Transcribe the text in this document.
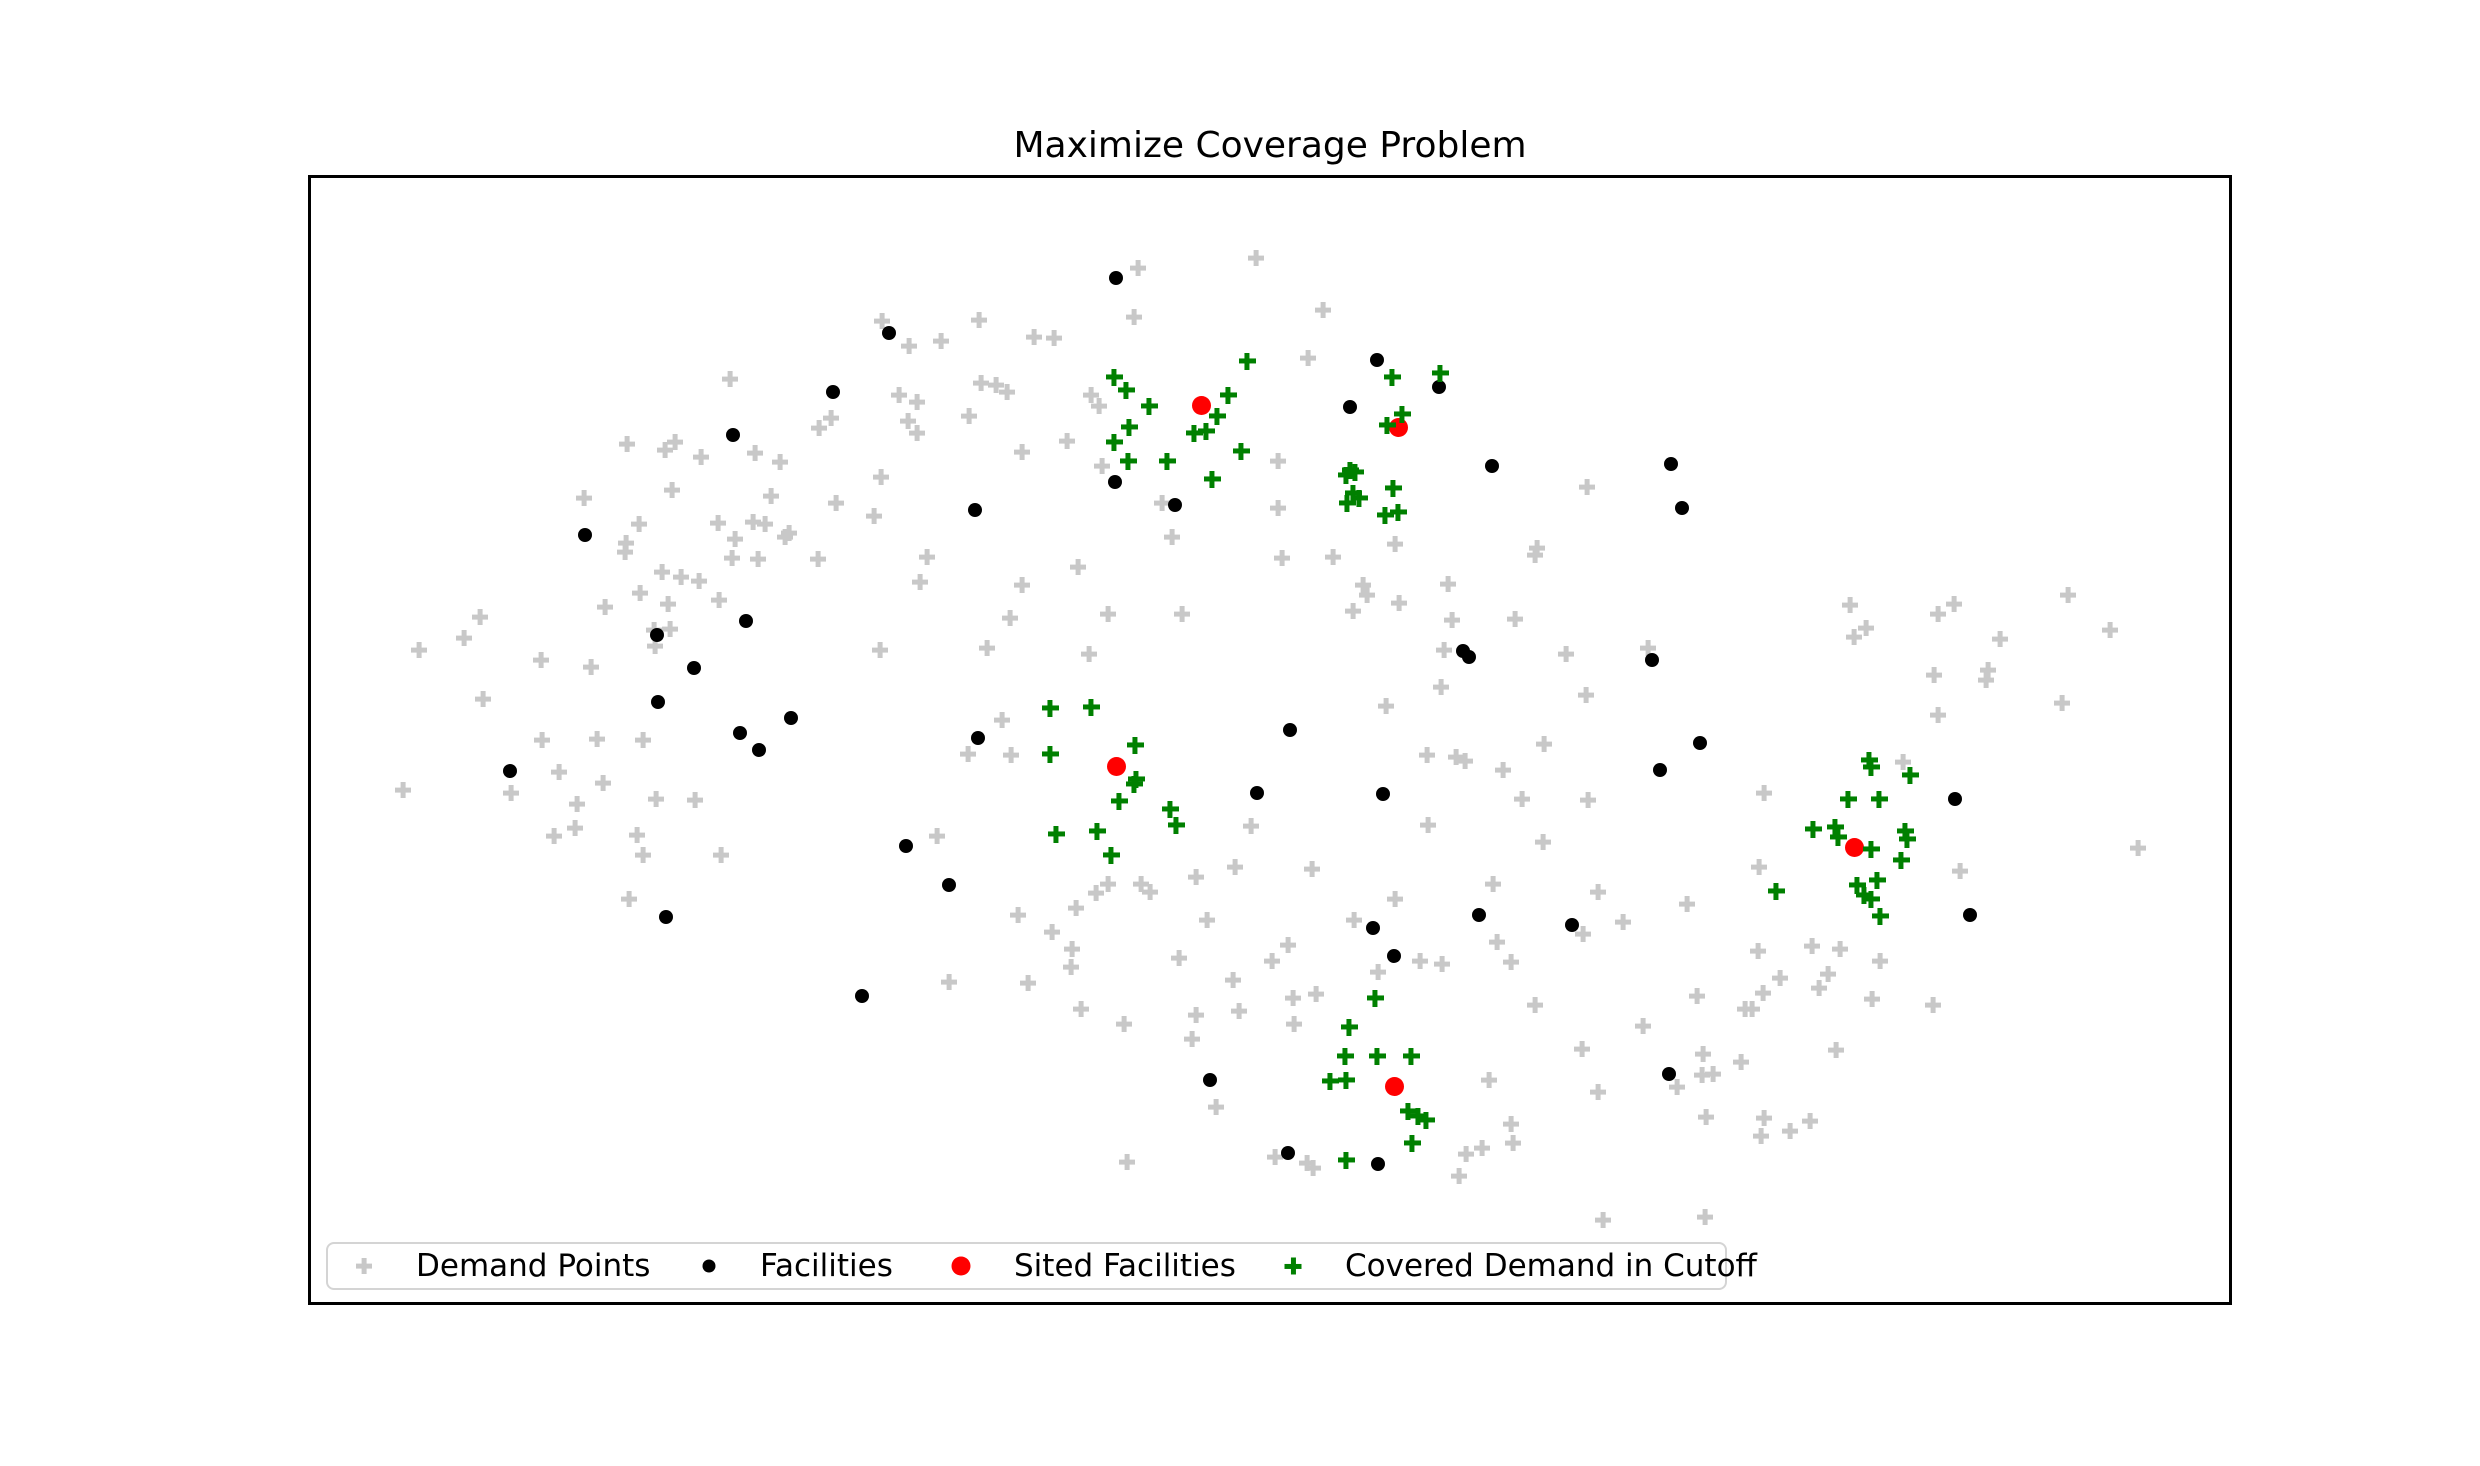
Maximize Coverage Problem
Demand Points	Facilities	Sited Facilities	Covered Demand in Cutoff
